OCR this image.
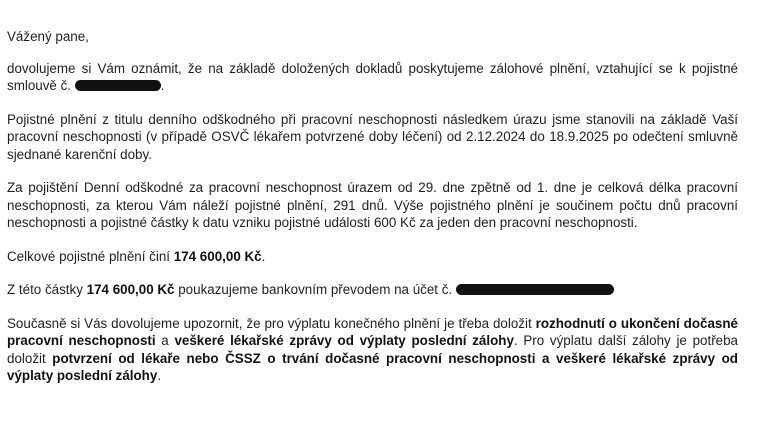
Vážený pane,

dovolujeme si Vám oznámit, že na základě doložených dokladů poskytujeme zálohové plnění, vztahující se k pojistné smlouvě č.	.

Pojistné plnění z titulu denního odškodného při pracovní neschopnosti následkem úrazu jsme stanovili na základě Vaší pracovní neschopnosti (v případě OSVČ lékařem potvrzené doby léčení) od 2.12.2024 do 18.9.2025 po odečtení smluvně sjednané karenční doby.

Za pojištění Denní odškodné za pracovní neschopnost úrazem od 29. dne zpětně od 1. dne je celková délka pracovní neschopnosti, za kterou Vám náleží pojistné plnění, 291 dnů. Výše pojistného plnění je součinem počtu dnů pracovní neschopnosti a pojistné částky k datu vzniku pojistné události 600 Kč za jeden den pracovní neschopnosti.

Celkové pojistné plnění činí 174 600,00 Kč.

Z této částky 174 600,00 Kč poukazujeme bankovním převodem na účet č.

Současně si Vás dovolujeme upozornit, že pro výplatu konečného plnění je třeba doložit rozhodnutí o ukončení dočasné pracovní neschopnosti a veškeré lékařské zprávy od výplaty poslední zálohy. Pro výplatu další zálohy je potřeba doložit potvrzení od lékaře nebo ČSSZ o trvání dočasné pracovní neschopnosti a veškeré lékařské zprávy od výplaty poslední zálohy.
